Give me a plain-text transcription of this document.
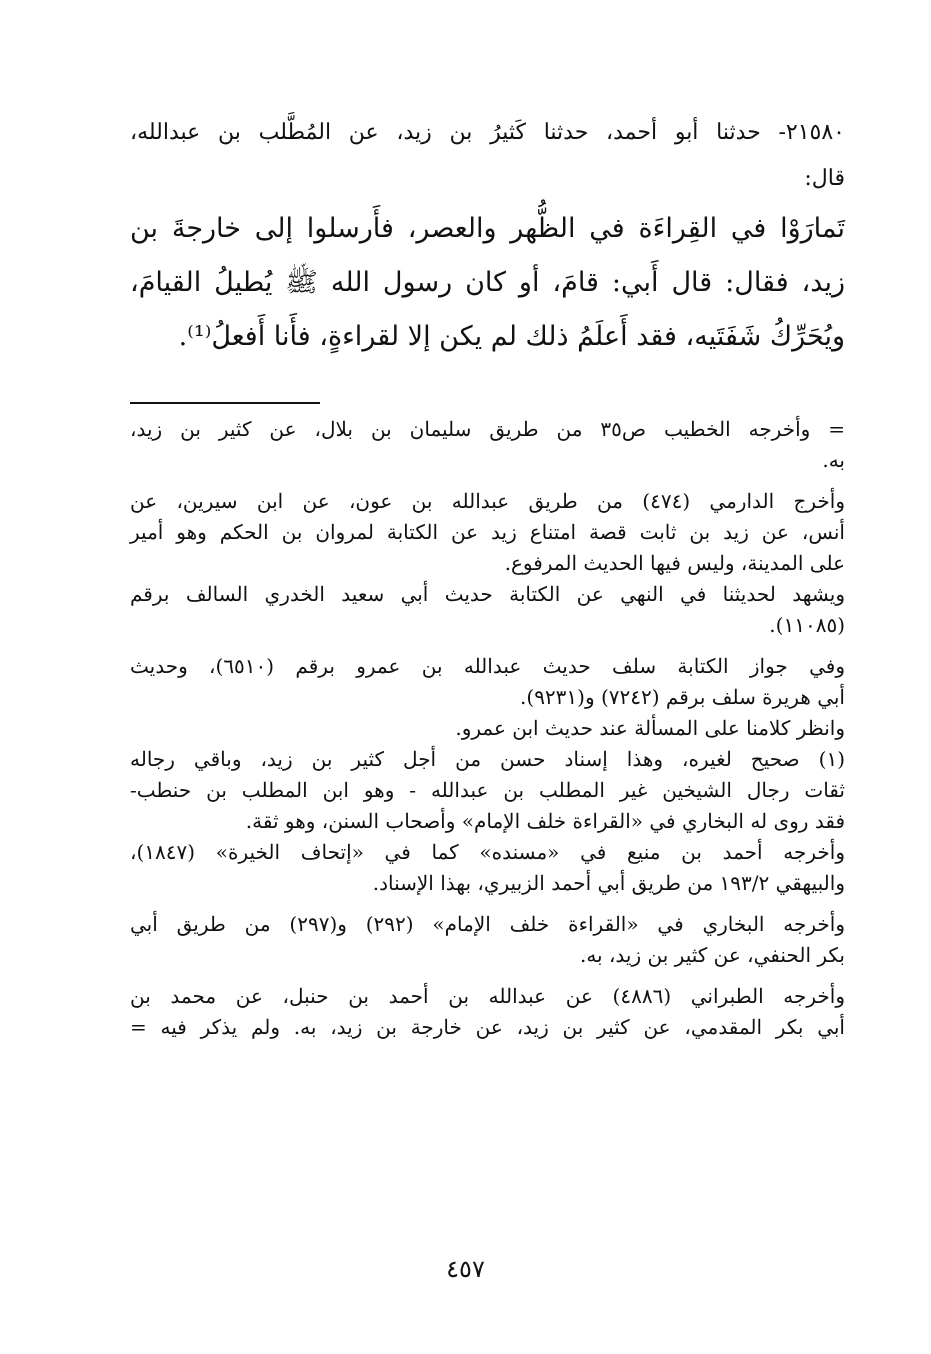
٢١٥٨٠- حدثنا أبو أحمد، حدثنا كَثيرُ بن زيد، عن المُطَّلب بن عبدالله،
قال:
تَمارَوْا في القِراءَة في الظُّهر والعصر، فأَرسلوا إلى خارجةَ بن
زيد، فقال: قال أَبي: قامَ، أو كان رسول الله ﷺ يُطيلُ القيامَ،
ويُحَرِّكُ شَفَتَيه، فقد أَعلَمُ ذلك لم يكن إلا لقراءةٍ، فأَنا أَفعلُ⁽¹⁾.
= وأخرجه الخطيب ص٣٥ من طريق سليمان بن بلال، عن كثير بن زيد،
به.
وأخرج الدارمي (٤٧٤) من طريق عبدالله بن عون، عن ابن سيرين، عن
أنس، عن زيد بن ثابت قصة امتناع زيد عن الكتابة لمروان بن الحكم وهو أمير
على المدينة، وليس فيها الحديث المرفوع.
ويشهد لحديثنا في النهي عن الكتابة حديث أبي سعيد الخدري السالف برقم
(١١٠٨٥).
وفي جواز الكتابة سلف حديث عبدالله بن عمرو برقم (٦٥١٠)، وحديث
أبي هريرة سلف برقم (٧٢٤٢) و(٩٢٣١).
وانظر كلامنا على المسألة عند حديث ابن عمرو.
(١) صحيح لغيره، وهذا إسناد حسن من أجل كثير بن زيد، وباقي رجاله
ثقات رجال الشيخين غير المطلب بن عبدالله - وهو ابن المطلب بن حنطب-
فقد روى له البخاري في «القراءة خلف الإمام» وأصحاب السنن، وهو ثقة.
وأخرجه أحمد بن منيع في «مسنده» كما في «إتحاف الخيرة» (١٨٤٧)،
والبيهقي ١٩٣/٢ من طريق أبي أحمد الزبيري، بهذا الإسناد.
وأخرجه البخاري في «القراءة خلف الإمام» (٢٩٢) و(٢٩٧) من طريق أبي
بكر الحنفي، عن كثير بن زيد، به.
وأخرجه الطبراني (٤٨٨٦) عن عبدالله بن أحمد بن حنبل، عن محمد بن
أبي بكر المقدمي، عن كثير بن زيد، عن خارجة بن زيد، به. ولم يذكر فيه =
٤٥٧
